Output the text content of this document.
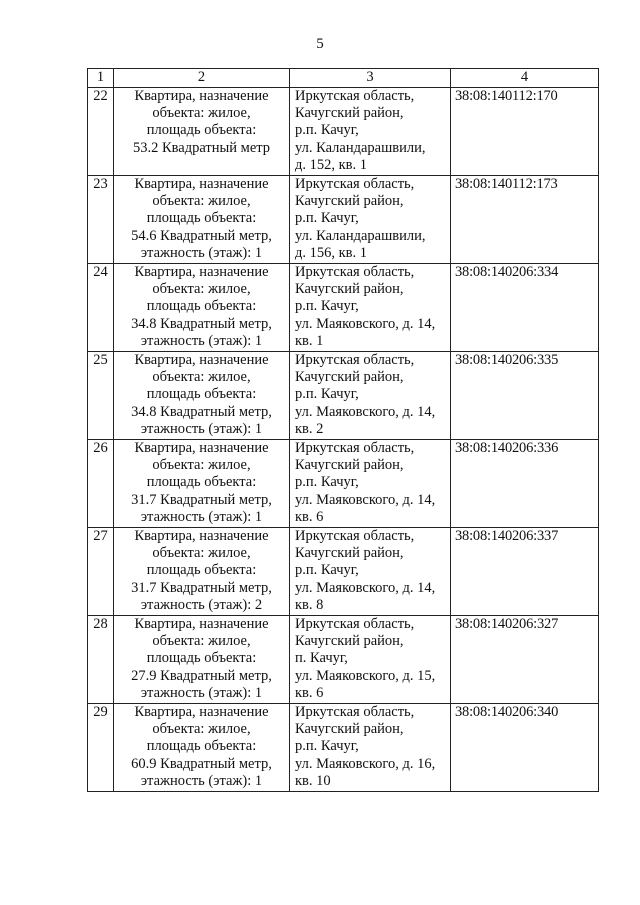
5
1	2	3	4
22	Квартира, назначение
объекта: жилое,
площадь объекта:
53.2 Квадратный метр	Иркутская область,
Качугский район,
р.п. Качуг,
ул. Каландарашвили,
д. 152, кв. 1	38:08:140112:170
23	Квартира, назначение
объекта: жилое,
площадь объекта:
54.6 Квадратный метр,
этажность (этаж): 1	Иркутская область,
Качугский район,
р.п. Качуг,
ул. Каландарашвили,
д. 156, кв. 1	38:08:140112:173
24	Квартира, назначение
объекта: жилое,
площадь объекта:
34.8 Квадратный метр,
этажность (этаж): 1	Иркутская область,
Качугский район,
р.п. Качуг,
ул. Маяковского, д. 14,
кв. 1	38:08:140206:334
25	Квартира, назначение
объекта: жилое,
площадь объекта:
34.8 Квадратный метр,
этажность (этаж): 1	Иркутская область,
Качугский район,
р.п. Качуг,
ул. Маяковского, д. 14,
кв. 2	38:08:140206:335
26	Квартира, назначение
объекта: жилое,
площадь объекта:
31.7 Квадратный метр,
этажность (этаж): 1	Иркутская область,
Качугский район,
р.п. Качуг,
ул. Маяковского, д. 14,
кв. 6	38:08:140206:336
27	Квартира, назначение
объекта: жилое,
площадь объекта:
31.7 Квадратный метр,
этажность (этаж): 2	Иркутская область,
Качугский район,
р.п. Качуг,
ул. Маяковского, д. 14,
кв. 8	38:08:140206:337
28	Квартира, назначение
объекта: жилое,
площадь объекта:
27.9 Квадратный метр,
этажность (этаж): 1	Иркутская область,
Качугский район,
п. Качуг,
ул. Маяковского, д. 15,
кв. 6	38:08:140206:327
29	Квартира, назначение
объекта: жилое,
площадь объекта:
60.9 Квадратный метр,
этажность (этаж): 1	Иркутская область,
Качугский район,
р.п. Качуг,
ул. Маяковского, д. 16,
кв. 10	38:08:140206:340
